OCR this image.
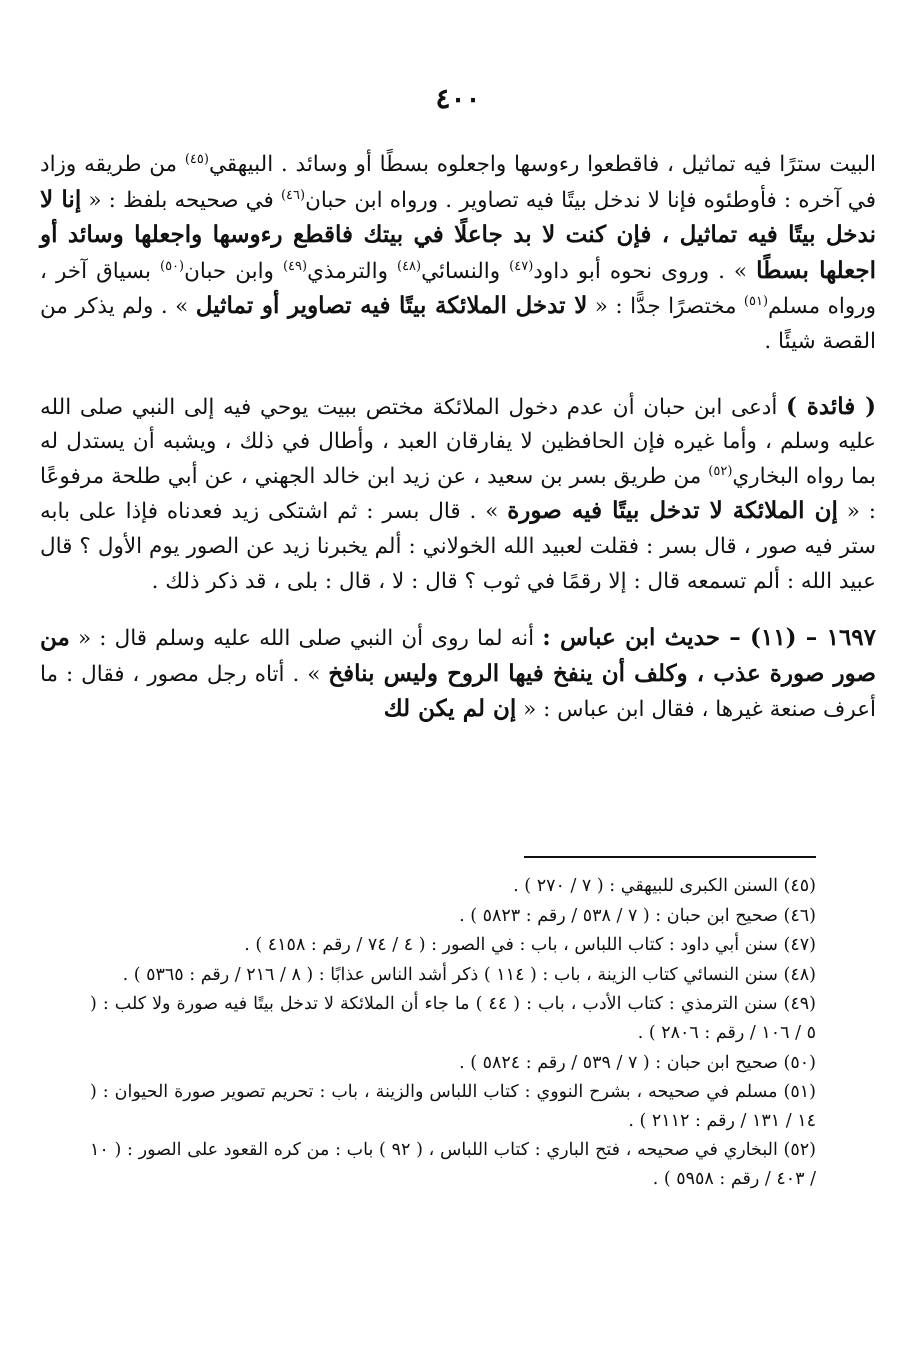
٤٠٠

البيت سترًا فيه تماثيل ، فاقطعوا رءوسها واجعلوه بسطًا أو وسائد . البيهقي$^{(٤٥)}$ من طريقه وزاد في آخره : فأوطئوه فإنا لا ندخل بيتًا فيه تصاوير . ورواه ابن حبان$^{(٤٦)}$ في صحيحه بلفظ : « إنا لا ندخل بيتًا فيه تماثيل ، فإن كنت لا بد جاعلًا في بيتك فاقطع رءوسها واجعلها وسائد أو اجعلها بسطًا » . وروى نحوه أبو داود$^{(٤٧)}$ والنسائي$^{(٤٨)}$ والترمذي$^{(٤٩)}$ وابن حبان$^{(٥٠)}$ بسياق آخر ، ورواه مسلم$^{(٥١)}$ مختصرًا جدًّا : « لا تدخل الملائكة بيتًا فيه تصاوير أو تماثيل » . ولم يذكر من القصة شيئًا .

( فائدة ) أدعى ابن حبان أن عدم دخول الملائكة مختص ببيت يوحي فيه إلى النبي صلى الله عليه وسلم ، وأما غيره فإن الحافظين لا يفارقان العبد ، وأطال في ذلك ، ويشبه أن يستدل له بما رواه البخاري$^{(٥٢)}$ من طريق بسر بن سعيد ، عن زيد ابن خالد الجهني ، عن أبي طلحة مرفوعًا : « إن الملائكة لا تدخل بيتًا فيه صورة » . قال بسر : ثم اشتكى زيد فعدناه فإذا على بابه ستر فيه صور ، قال بسر : فقلت لعبيد الله الخولاني : ألم يخبرنا زيد عن الصور يوم الأول ؟ قال عبيد الله : ألم تسمعه قال : إلا رقمًا في ثوب ؟ قال : لا ، قال : بلى ، قد ذكر ذلك .

١٦٩٧ – (١١) – حديث ابن عباس : أنه لما روى أن النبي صلى الله عليه وسلم قال : « من صور صورة عذب ، وكلف أن ينفخ فيها الروح وليس بنافخ » . أتاه رجل مصور ، فقال : ما أعرف صنعة غيرها ، فقال ابن عباس : « إن لم يكن لك

(٤٥) السنن الكبرى للبيهقي : ( ٧ / ٢٧٠ ) .

(٤٦) صحيح ابن حبان : ( ٧ / ٥٣٨ / رقم : ٥٨٢٣ ) .

(٤٧) سنن أبي داود : كتاب اللباس ، باب : في الصور : ( ٤ / ٧٤ / رقم : ٤١٥٨ ) .

(٤٨) سنن النسائي كتاب الزينة ، باب : ( ١١٤ ) ذكر أشد الناس عذابًا : ( ٨ / ٢١٦ / رقم : ٥٣٦٥ ) .

(٤٩) سنن الترمذي : كتاب الأدب ، باب : ( ٤٤ ) ما جاء أن الملائكة لا تدخل بيتًا فيه صورة ولا كلب : ( ٥ / ١٠٦ / رقم : ٢٨٠٦ ) .

(٥٠) صحيح ابن حبان : ( ٧ / ٥٣٩ / رقم : ٥٨٢٤ ) .

(٥١) مسلم في صحيحه ، بشرح النووي : كتاب اللباس والزينة ، باب : تحريم تصوير صورة الحيوان : ( ١٤ / ١٣١ / رقم : ٢١١٢ ) .

(٥٢) البخاري في صحيحه ، فتح الباري : كتاب اللباس ، ( ٩٢ ) باب : من كره القعود على الصور : ( ١٠ / ٤٠٣ / رقم : ٥٩٥٨ ) .
